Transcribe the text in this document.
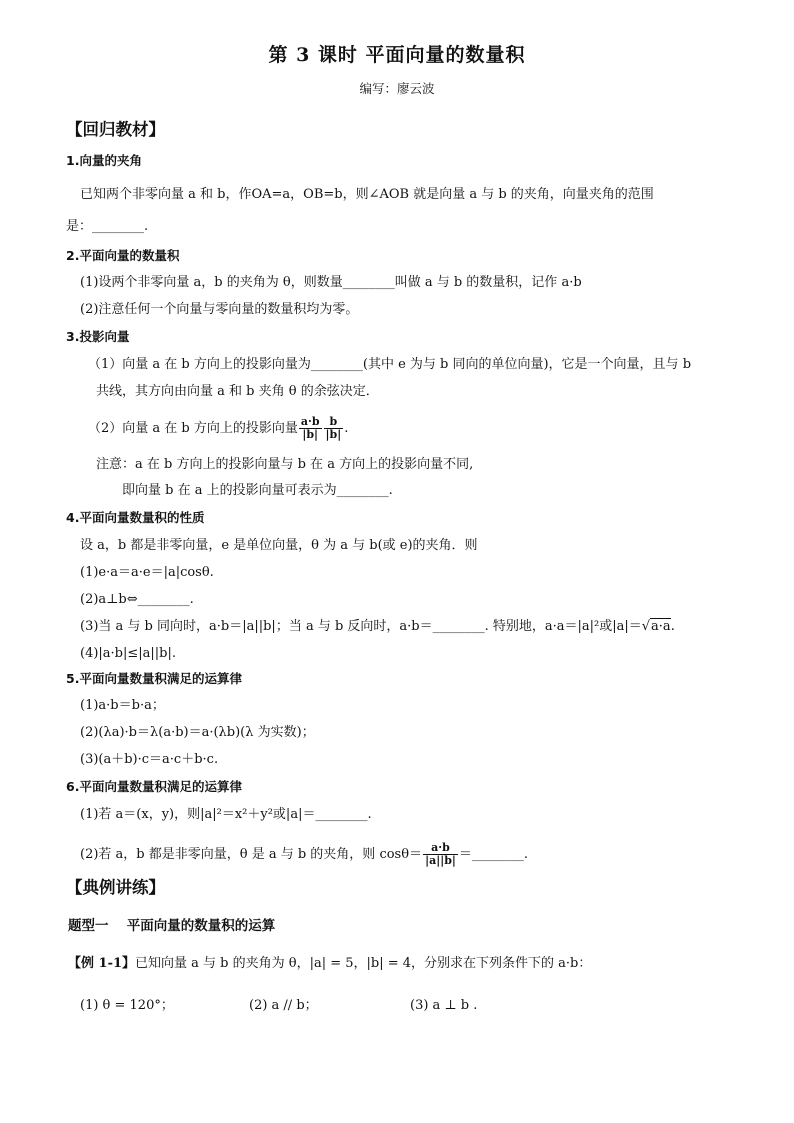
第 3 课时 平面向量的数量积
编写：廖云波
【回归教材】
1.向量的夹角
已知两个非零向量 a 和 b，作OA=a，OB=b，则∠AOB 就是向量 a 与 b 的夹角，向量夹角的范围
是：________.
2.平面向量的数量积
(1)设两个非零向量 a，b 的夹角为 θ，则数量________叫做 a 与 b 的数量积，记作 a·b
(2)注意任何一个向量与零向量的数量积均为零。
3.投影向量
（1）向量 a 在 b 方向上的投影向量为________(其中 e 为与 b 同向的单位向量)，它是一个向量，且与 b
共线，其方向由向量 a 和 b 夹角 θ 的余弦决定．
（2）向量 a 在 b 方向上的投影向量 $\frac{a\cdot b}{|b|} \frac{b}{|b|}$ .
注意：a 在 b 方向上的投影向量与 b 在 a 方向上的投影向量不同,
即向量 b 在 a 上的投影向量可表示为________.
4.平面向量数量积的性质
设 a，b 都是非零向量，e 是单位向量，θ 为 a 与 b(或 e)的夹角．则
(1)e·a＝a·e＝|a|cosθ.
(2)a⊥b⇔________.
(3)当 a 与 b 同向时，a·b＝|a||b|；当 a 与 b 反向时，a·b＝________. 特别地，a·a＝|a|²或|a|＝√a·a.
(4)|a·b|≤|a||b|.
5.平面向量数量积满足的运算律
(1)a·b＝b·a；
(2)(λa)·b＝λ(a·b)＝a·(λb)(λ 为实数)；
(3)(a＋b)·c＝a·c＋b·c.
6.平面向量数量积满足的运算律
(1)若 a＝(x，y)，则|a|²＝x²＋y²或|a|＝________.
(2)若 a，b 都是非零向量，θ 是 a 与 b 的夹角，则 $\cos\theta= \frac{a\cdot b}{|a||b|}$ ＝________.
【典例讲练】
题型一　 平面向量的数量积的运算
【例 1-1】已知向量 a 与 b 的夹角为 θ，|a| = 5，|b| = 4，分别求在下列条件下的 a·b：
(1) θ = 120°；	(2) a // b；	(3) a ⊥ b .
